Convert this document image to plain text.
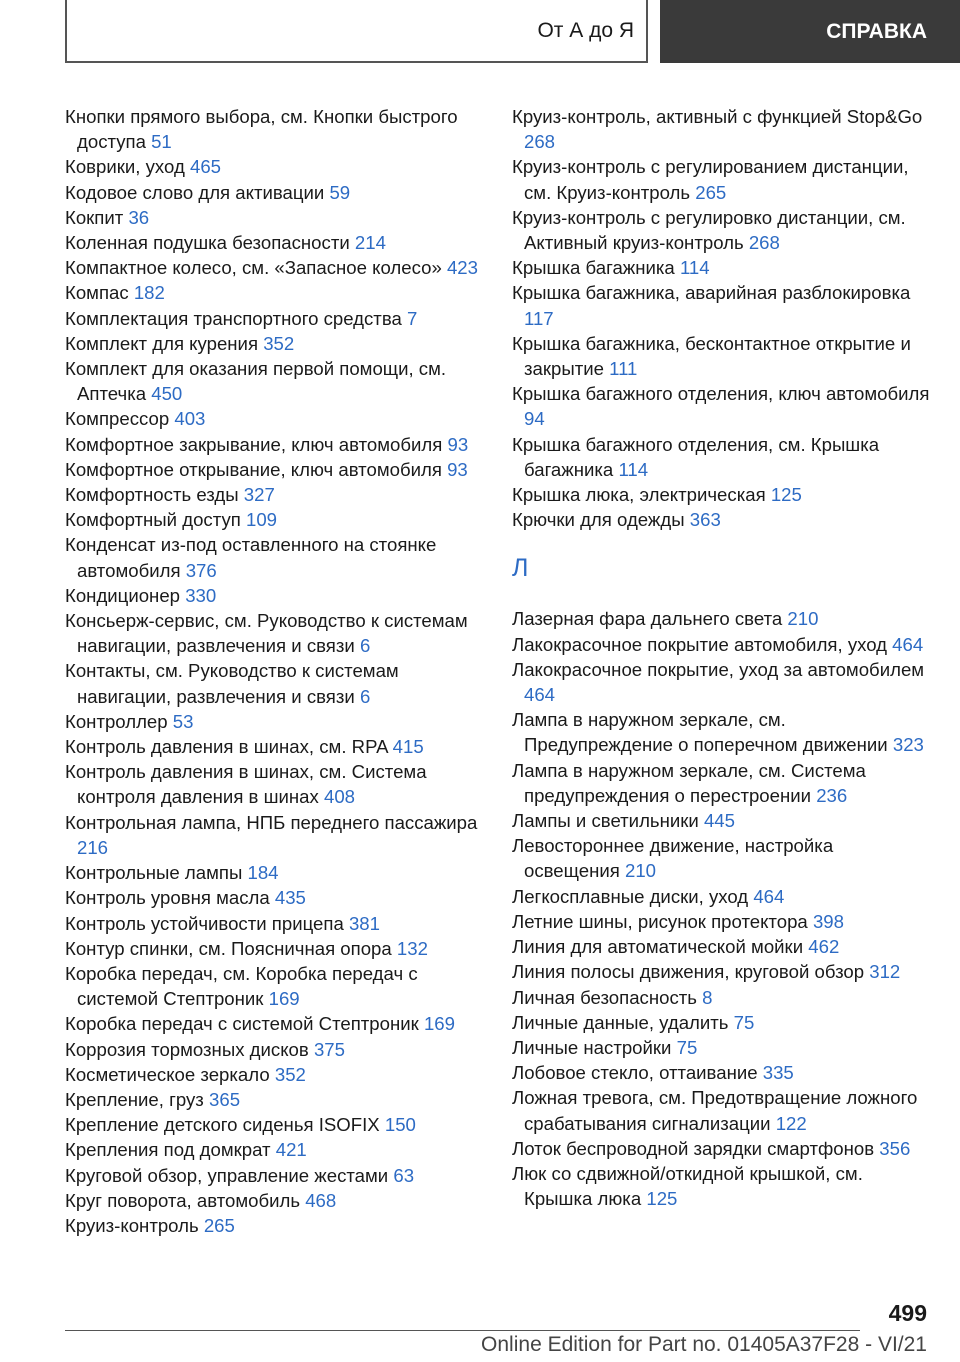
От А до Я	СПРАВКА
Кнопки прямого выбора, см. Кнопки быстрого доступа 51
Коврики, уход 465
Кодовое слово для активации 59
Кокпит 36
Коленная подушка безопасности 214
Компактное колесо, см. «Запасное колесо» 423
Компас 182
Комплектация транспортного средства 7
Комплект для курения 352
Комплект для оказания первой помощи, см. Аптечка 450
Компрессор 403
Комфортное закрывание, ключ автомобиля 93
Комфортное открывание, ключ автомобиля 93
Комфортность езды 327
Комфортный доступ 109
Конденсат из-под оставленного на стоянке автомобиля 376
Кондиционер 330
Консьерж-сервис, см. Руководство к системам навигации, развлечения и связи 6
Контакты, см. Руководство к системам навигации, развлечения и связи 6
Контроллер 53
Контроль давления в шинах, см. RPA 415
Контроль давления в шинах, см. Система контроля давления в шинах 408
Контрольная лампа, НПБ переднего пассажира 216
Контрольные лампы 184
Контроль уровня масла 435
Контроль устойчивости прицепа 381
Контур спинки, см. Поясничная опора 132
Коробка передач, см. Коробка передач с системой Стептроник 169
Коробка передач с системой Стептроник 169
Коррозия тормозных дисков 375
Косметическое зеркало 352
Крепление, груз 365
Крепление детского сиденья ISOFIX 150
Крепления под домкрат 421
Круговой обзор, управление жестами 63
Круг поворота, автомобиль 468
Круиз-контроль 265
Круиз-контроль, активный с функцией Stop&Go 268
Круиз-контроль с регулированием дистанции, см. Круиз-контроль 265
Круиз-контроль с регулировко дистанции, см. Активный круиз-контроль 268
Крышка багажника 114
Крышка багажника, аварийная разблокировка 117
Крышка багажника, бесконтактное открытие и закрытие 111
Крышка багажного отделения, ключ автомобиля 94
Крышка багажного отделения, см. Крышка багажника 114
Крышка люка, электрическая 125
Крючки для одежды 363
Л
Лазерная фара дальнего света 210
Лакокрасочное покрытие автомобиля, уход 464
Лакокрасочное покрытие, уход за автомобилем 464
Лампа в наружном зеркале, см. Предупреждение о поперечном движении 323
Лампа в наружном зеркале, см. Система предупреждения о перестроении 236
Лампы и светильники 445
Левостороннее движение, настройка освещения 210
Легкосплавные диски, уход 464
Летние шины, рисунок протектора 398
Линия для автоматической мойки 462
Линия полосы движения, круговой обзор 312
Личная безопасность 8
Личные данные, удалить 75
Личные настройки 75
Лобовое стекло, оттаивание 335
Ложная тревога, см. Предотвращение ложного срабатывания сигнализации 122
Лоток беспроводной зарядки смартфонов 356
Люк со сдвижной/откидной крышкой, см. Крышка люка 125
499
Online Edition for Part no. 01405A37F28 - VI/21
